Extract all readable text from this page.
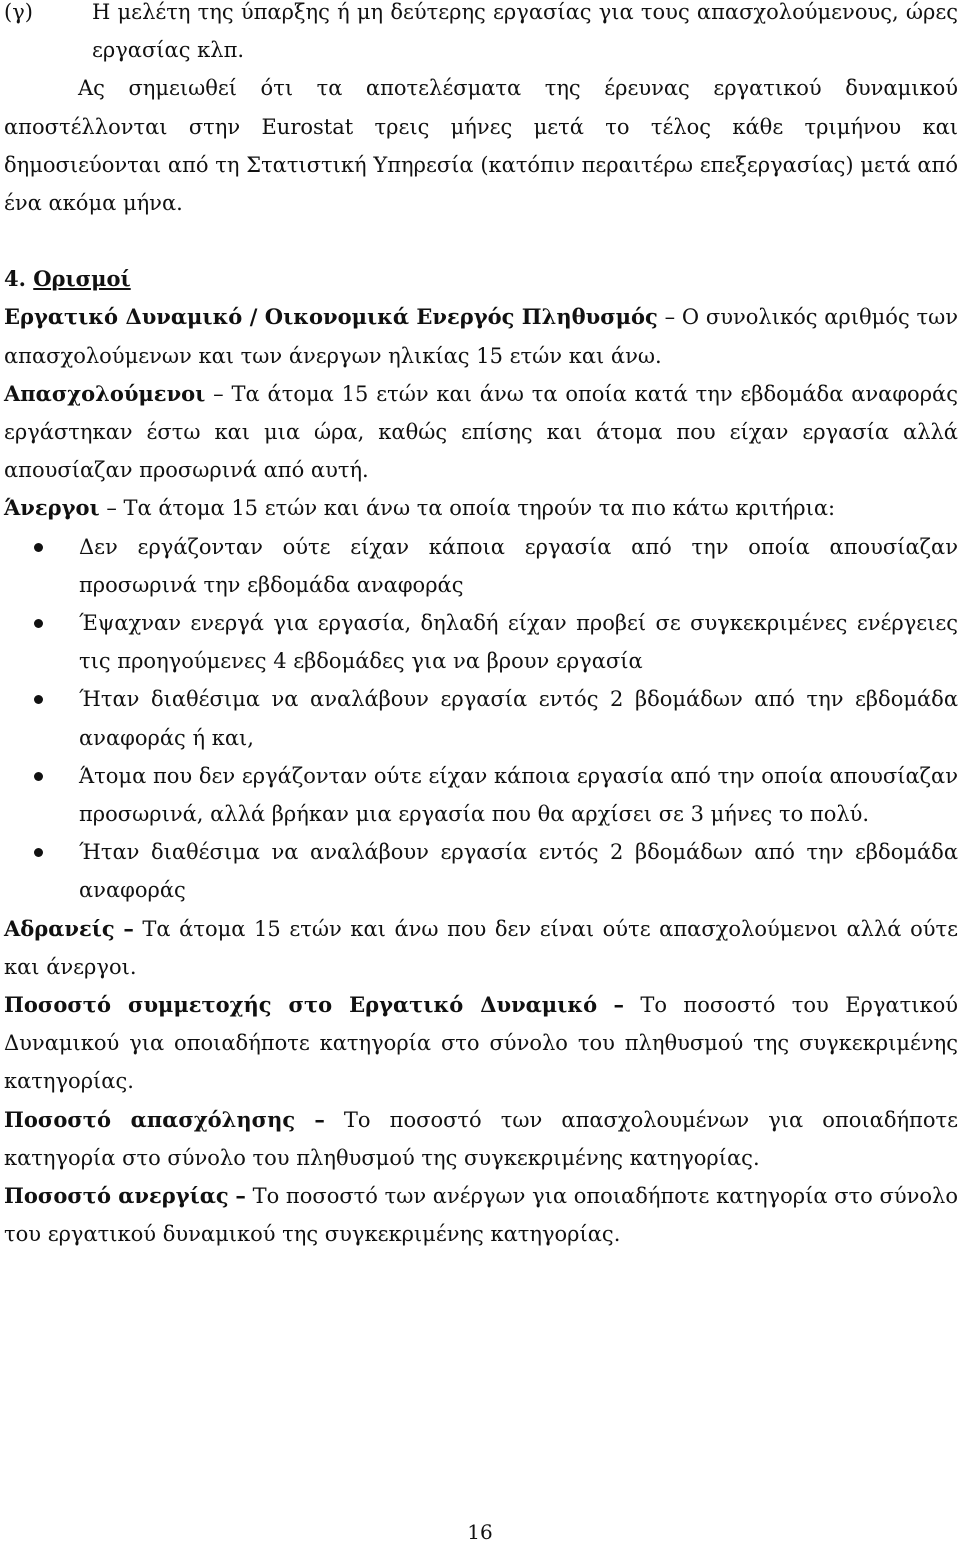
(γ)	Η μελέτη της ύπαρξης ή μη δεύτερης εργασίας για τους απασχολούμενους, ώρες εργασίας κλπ.

Ας σημειωθεί ότι τα αποτελέσματα της έρευνας εργατικού δυναμικού αποστέλλονται στην Eurostat τρεις μήνες μετά το τέλος κάθε τριμήνου και δημοσιεύονται από τη Στατιστική Υπηρεσία (κατόπιν περαιτέρω επεξεργασίας) μετά από ένα ακόμα μήνα.

4. Ορισμοί

Εργατικό Δυναμικό / Οικονομικά Ενεργός Πληθυσμός – Ο συνολικός αριθμός των απασχολούμενων και των άνεργων ηλικίας 15 ετών και άνω.

Απασχολούμενοι – Τα άτομα 15 ετών και άνω τα οποία κατά την εβδομάδα αναφοράς εργάστηκαν έστω και μια ώρα, καθώς επίσης και άτομα που είχαν εργασία αλλά απουσίαζαν προσωρινά από αυτή.

Άνεργοι – Τα άτομα 15 ετών και άνω τα οποία τηρούν τα πιο κάτω κριτήρια:

Δεν εργάζονταν ούτε είχαν κάποια εργασία από την οποία απουσίαζαν προσωρινά την εβδομάδα αναφοράς
Έψαχναν ενεργά για εργασία, δηλαδή είχαν προβεί σε συγκεκριμένες ενέργειες τις προηγούμενες 4 εβδομάδες για να βρουν εργασία
Ήταν διαθέσιμα να αναλάβουν εργασία εντός 2 βδομάδων από την εβδομάδα αναφοράς ή και,
Άτομα που δεν εργάζονταν ούτε είχαν κάποια εργασία από την οποία απουσίαζαν προσωρινά, αλλά βρήκαν μια εργασία που θα αρχίσει σε 3 μήνες το πολύ.
Ήταν διαθέσιμα να αναλάβουν εργασία εντός 2 βδομάδων από την εβδομάδα αναφοράς

Αδρανείς – Τα άτομα 15 ετών και άνω που δεν είναι ούτε απασχολούμενοι αλλά ούτε και άνεργοι.

Ποσοστό συμμετοχής στο Εργατικό Δυναμικό – Το ποσοστό του Εργατικού Δυναμικού για οποιαδήποτε κατηγορία στο σύνολο του πληθυσμού της συγκεκριμένης κατηγορίας.

Ποσοστό απασχόλησης – Το ποσοστό των απασχολουμένων για οποιαδήποτε κατηγορία στο σύνολο του πληθυσμού της συγκεκριμένης κατηγορίας.

Ποσοστό ανεργίας – Το ποσοστό των ανέργων για οποιαδήποτε κατηγορία στο σύνολο του εργατικού δυναμικού της συγκεκριμένης κατηγορίας.

16
